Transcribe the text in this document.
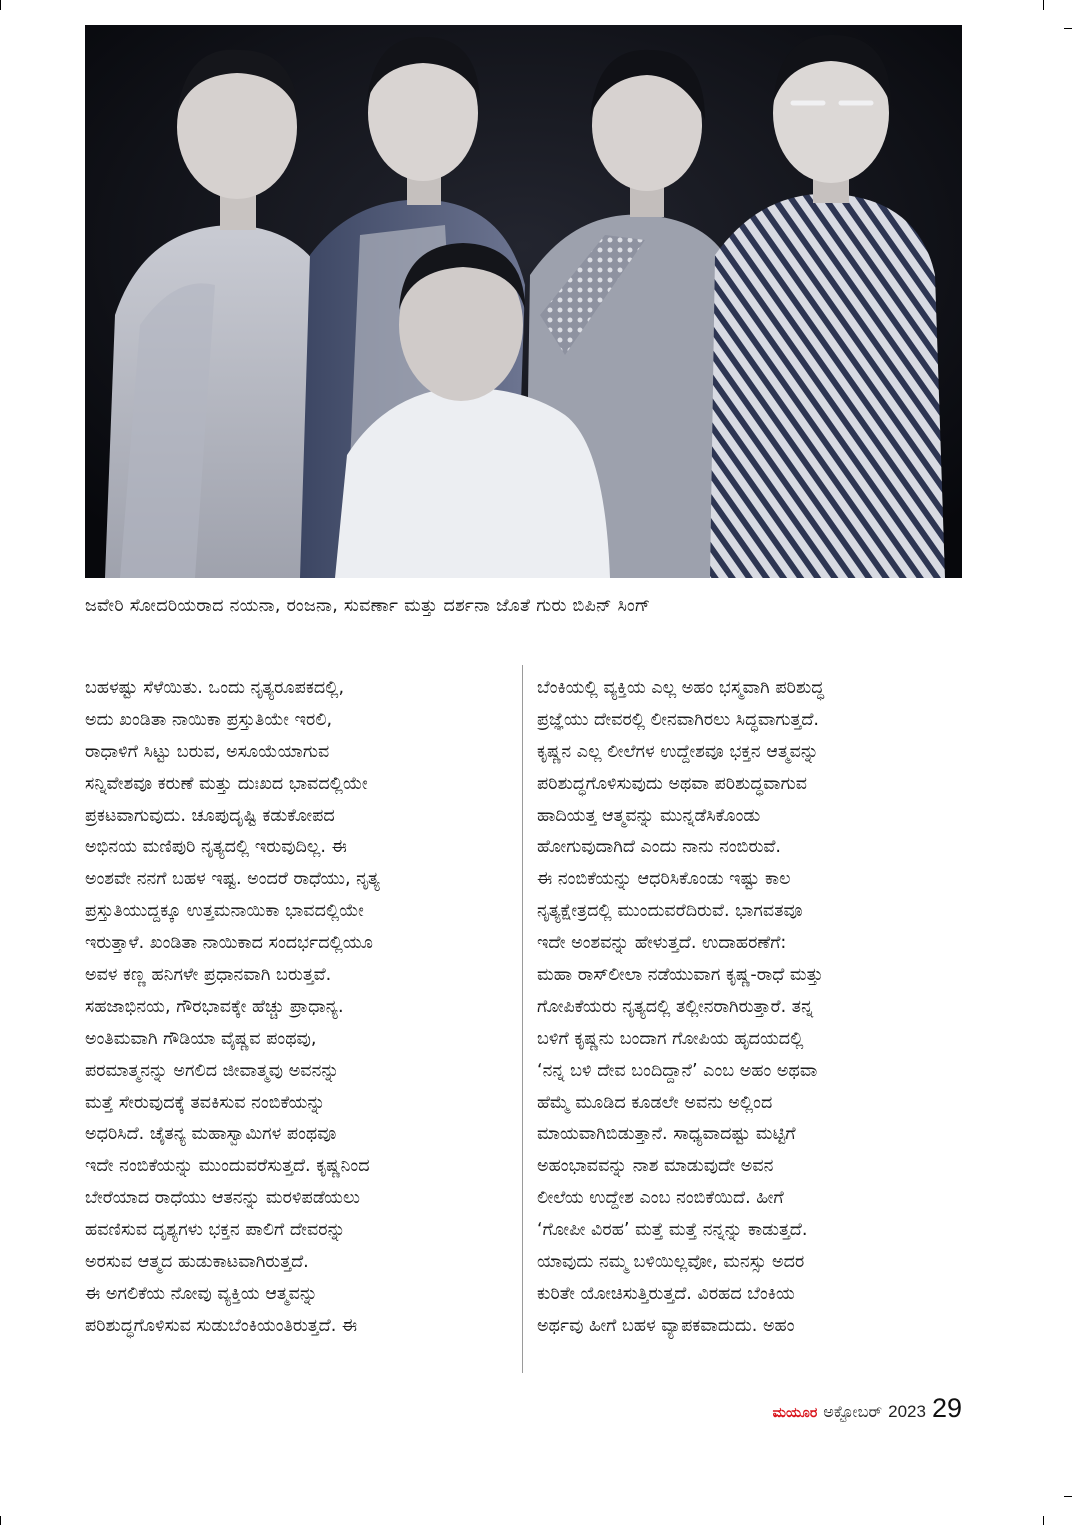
ಜವೇರಿ ಸೋದರಿಯರಾದ ನಯನಾ, ರಂಜನಾ, ಸುವರ್ಣಾ ಮತ್ತು ದರ್ಶನಾ ಜೊತೆ ಗುರು ಬಿಪಿನ್ ಸಿಂಗ್
ಬಹಳಷ್ಟು ಸೆಳೆಯಿತು. ಒಂದು ನೃತ್ಯರೂಪಕದಲ್ಲಿ,
ಅದು ಖಂಡಿತಾ ನಾಯಿಕಾ ಪ್ರಸ್ತುತಿಯೇ ಇರಲಿ,
ರಾಧಾಳಿಗೆ ಸಿಟ್ಟು ಬರುವ, ಅಸೂಯೆಯಾಗುವ
ಸನ್ನಿವೇಶವೂ ಕರುಣೆ ಮತ್ತು ದುಃಖದ ಭಾವದಲ್ಲಿಯೇ
ಪ್ರಕಟವಾಗುವುದು. ಚೂಪುದೃಷ್ಟಿ ಕಡುಕೋಪದ
ಅಭಿನಯ ಮಣಿಪುರಿ ನೃತ್ಯದಲ್ಲಿ ಇರುವುದಿಲ್ಲ. ಈ
ಅಂಶವೇ ನನಗೆ ಬಹಳ ಇಷ್ಟ. ಅಂದರೆ ರಾಧೆಯು, ನೃತ್ಯ
ಪ್ರಸ್ತುತಿಯುದ್ದಕ್ಕೂ ಉತ್ತಮನಾಯಿಕಾ ಭಾವದಲ್ಲಿಯೇ
ಇರುತ್ತಾಳೆ. ಖಂಡಿತಾ ನಾಯಿಕಾದ ಸಂದರ್ಭದಲ್ಲಿಯೂ
ಅವಳ ಕಣ್ಣ ಹನಿಗಳೇ ಪ್ರಧಾನವಾಗಿ ಬರುತ್ತವೆ.
ಸಹಜಾಭಿನಯ, ಗೌರಭಾವಕ್ಕೇ ಹೆಚ್ಚು ಪ್ರಾಧಾನ್ಯ.
ಅಂತಿಮವಾಗಿ ಗೌಡಿಯಾ ವೈಷ್ಣವ ಪಂಥವು,
ಪರಮಾತ್ಮನನ್ನು ಅಗಲಿದ ಜೀವಾತ್ಮವು ಅವನನ್ನು
ಮತ್ತೆ ಸೇರುವುದಕ್ಕೆ ತವಕಿಸುವ ನಂಬಿಕೆಯನ್ನು
ಅಧರಿಸಿದೆ. ಚೈತನ್ಯ ಮಹಾಸ್ವಾಮಿಗಳ ಪಂಥವೂ
ಇದೇ ನಂಬಿಕೆಯನ್ನು ಮುಂದುವರೆಸುತ್ತದೆ. ಕೃಷ್ಣನಿಂದ
ಬೇರೆಯಾದ ರಾಧೆಯು ಆತನನ್ನು ಮರಳಿಪಡೆಯಲು
ಹವಣಿಸುವ ದೃಶ್ಯಗಳು ಭಕ್ತನ ಪಾಲಿಗೆ ದೇವರನ್ನು
ಅರಸುವ ಆತ್ಮದ ಹುಡುಕಾಟವಾಗಿರುತ್ತದೆ.
ಈ ಅಗಲಿಕೆಯ ನೋವು ವ್ಯಕ್ತಿಯ ಆತ್ಮವನ್ನು
ಪರಿಶುದ್ಧಗೊಳಿಸುವ ಸುಡುಬೆಂಕಿಯಂತಿರುತ್ತದೆ. ಈ
ಬೆಂಕಿಯಲ್ಲಿ ವ್ಯಕ್ತಿಯ ಎಲ್ಲ ಅಹಂ ಭಸ್ಮವಾಗಿ ಪರಿಶುದ್ಧ
ಪ್ರಜ್ಞೆಯು ದೇವರಲ್ಲಿ ಲೀನವಾಗಿರಲು ಸಿದ್ಧವಾಗುತ್ತದೆ.
ಕೃಷ್ಣನ ಎಲ್ಲ ಲೀಲೆಗಳ ಉದ್ದೇಶವೂ ಭಕ್ತನ ಆತ್ಮವನ್ನು
ಪರಿಶುದ್ಧಗೊಳಿಸುವುದು ಅಥವಾ ಪರಿಶುದ್ಧವಾಗುವ
ಹಾದಿಯತ್ತ ಆತ್ಮವನ್ನು ಮುನ್ನಡೆಸಿಕೊಂಡು
ಹೋಗುವುದಾಗಿದೆ ಎಂದು ನಾನು ನಂಬಿರುವೆ.
ಈ ನಂಬಿಕೆಯನ್ನು ಆಧರಿಸಿಕೊಂಡು ಇಷ್ಟು ಕಾಲ
ನೃತ್ಯಕ್ಷೇತ್ರದಲ್ಲಿ ಮುಂದುವರೆದಿರುವೆ. ಭಾಗವತವೂ
ಇದೇ ಅಂಶವನ್ನು ಹೇಳುತ್ತದೆ. ಉದಾಹರಣೆಗೆ:
ಮಹಾ ರಾಸ್‌ಲೀಲಾ ನಡೆಯುವಾಗ ಕೃಷ್ಣ-ರಾಧೆ ಮತ್ತು
ಗೋಪಿಕೆಯರು ನೃತ್ಯದಲ್ಲಿ ತಲ್ಲೀನರಾಗಿರುತ್ತಾರೆ. ತನ್ನ
ಬಳಿಗೆ ಕೃಷ್ಣನು ಬಂದಾಗ ಗೋಪಿಯ ಹೃದಯದಲ್ಲಿ
‘ನನ್ನ ಬಳಿ ದೇವ ಬಂದಿದ್ದಾನೆ’ ಎಂಬ ಅಹಂ ಅಥವಾ
ಹೆಮ್ಮೆ ಮೂಡಿದ ಕೂಡಲೇ ಅವನು ಅಲ್ಲಿಂದ
ಮಾಯವಾಗಿಬಿಡುತ್ತಾನೆ. ಸಾಧ್ಯವಾದಷ್ಟು ಮಟ್ಟಿಗೆ
ಅಹಂಭಾವವನ್ನು ನಾಶ ಮಾಡುವುದೇ ಅವನ
ಲೀಲೆಯ ಉದ್ದೇಶ ಎಂಬ ನಂಬಿಕೆಯಿದೆ. ಹೀಗೆ
‘ಗೋಪೀ ವಿರಹ’ ಮತ್ತೆ ಮತ್ತೆ ನನ್ನನ್ನು ಕಾಡುತ್ತದೆ.
ಯಾವುದು ನಮ್ಮ ಬಳಿಯಿಲ್ಲವೋ, ಮನಸ್ಸು ಅದರ
ಕುರಿತೇ ಯೋಚಿಸುತ್ತಿರುತ್ತದೆ. ವಿರಹದ ಬೆಂಕಿಯ
ಅರ್ಥವು ಹೀಗೆ ಬಹಳ ವ್ಯಾಪಕವಾದುದು. ಅಹಂ
ಮಯೂರ ಅಕ್ಟೋಬರ್ 2023 29
